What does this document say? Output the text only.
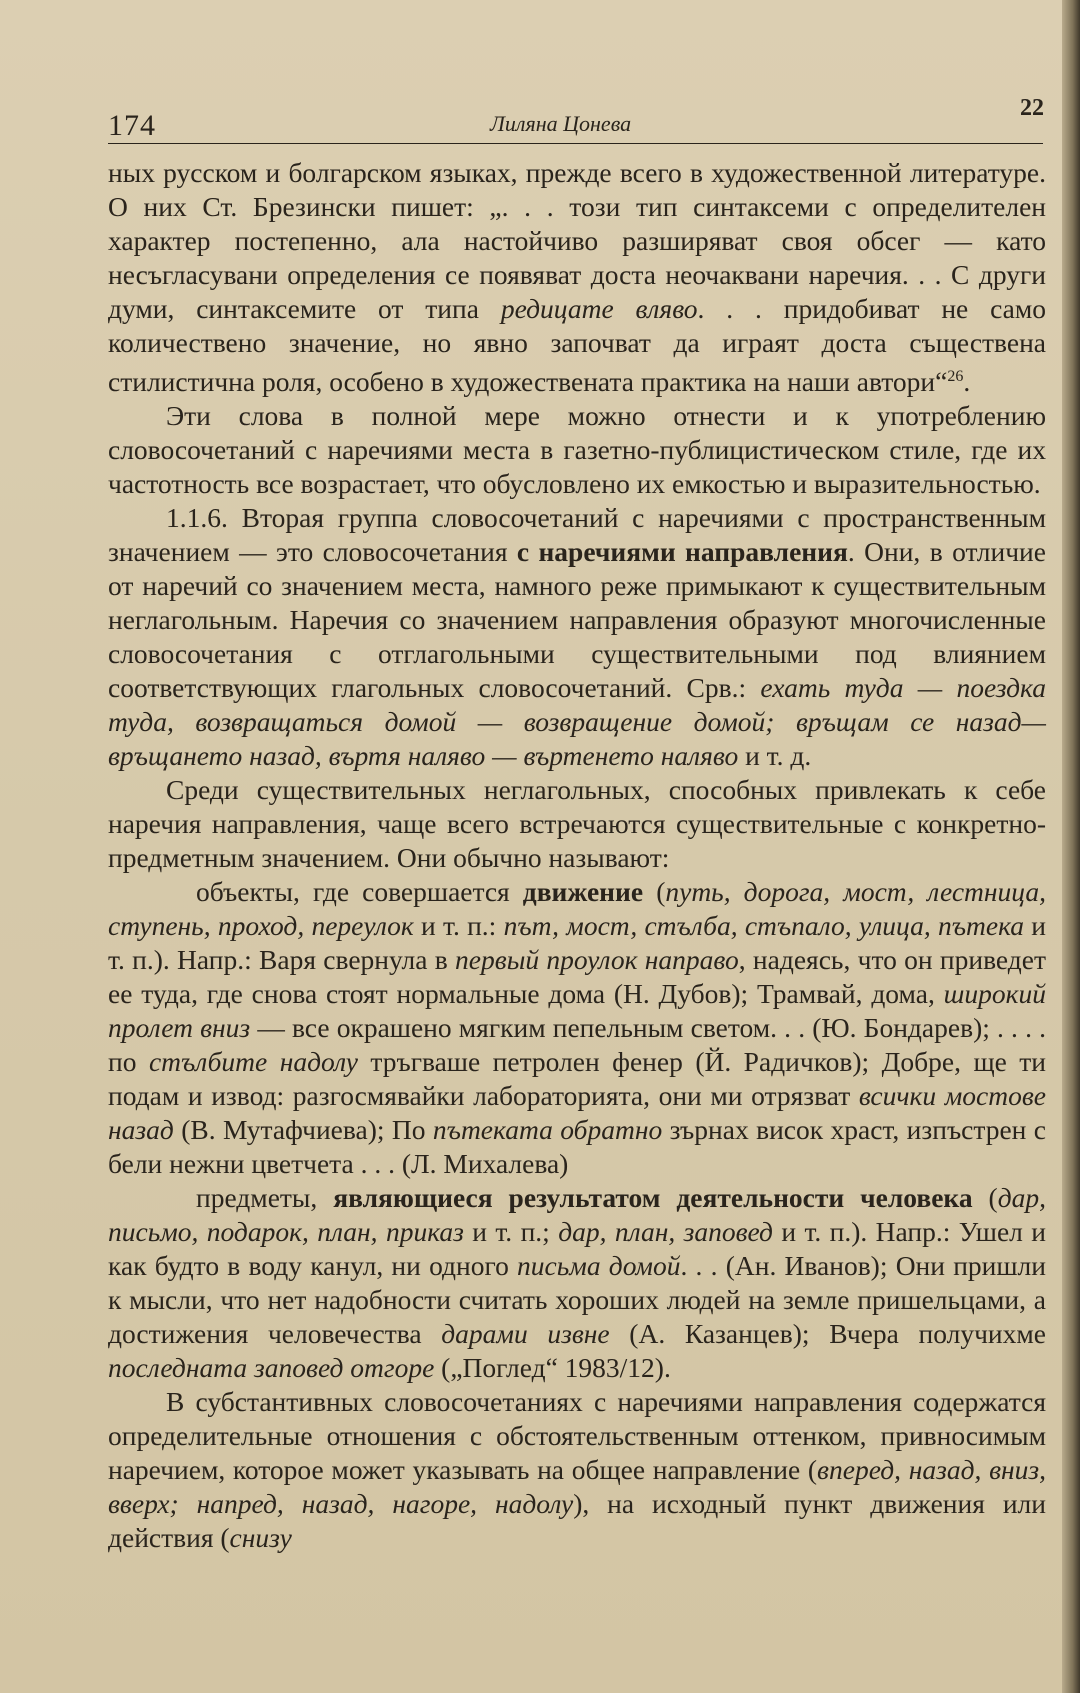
174	Лиляна Цонева
22

ных русском и болгарском языках, прежде всего в художественной литературе. О них Ст. Брезински пишет: „. . . този тип синтаксеми с определителен характер постепенно, ала настойчиво разширяват своя обсег — като несъгласувани определения се появяват доста неочаквани наречия. . . С други думи, синтаксемите от типа редицате вляво. . . придобиват не само количествено значение, но явно започват да играят доста съществена стилистична роля, особено в художествената практика на наши автори“$^{26}$.

Эти слова в полной мере можно отнести и к употреблению словосочетаний с наречиями места в газетно-публицистическом стиле, где их частотность все возрастает, что обусловлено их емкостью и выразительностью.

1.1.6. Вторая группа словосочетаний с наречиями с пространственным значением — это словосочетания с наречиями направления. Они, в отличие от наречий со значением места, намного реже примыкают к существительным неглагольным. Наречия со значением направления образуют многочисленные словосочетания с отглагольными существительными под влиянием соответствующих глагольных словосочетаний. Срв.: ехать туда — поездка туда, возвращаться домой — возвращение домой; връщам се назад—връщането назад, въртя наляво — въртенето наляво и т. д.

Среди существительных неглагольных, способных привлекать к себе наречия направления, чаще всего встречаются существительные с конкретно-предметным значением. Они обычно называют:

объекты, где совершается движение (путь, дорога, мост, лестница, ступень, проход, переулок и т. п.: път, мост, стълба, стъпало, улица, пътека и т. п.). Напр.: Варя свернула в первый проулок направо, надеясь, что он приведет ее туда, где снова стоят нормальные дома (Н. Дубов); Трамвай, дома, широкий пролет вниз — все окрашено мягким пепельным светом. . . (Ю. Бондарев); . . . . по стълбите надолу тръгваше петролен фенер (Й. Радичков); Добре, ще ти подам и извод: разгосмявайки лабораторията, они ми отрязват всички мостове назад (В. Мутафчиева); По пътеката обратно зърнах висок храст, изпъстрен с бели нежни цветчета . . . (Л. Михалева)

предметы, являющиеся результатом деятельности человека (дар, письмо, подарок, план, приказ и т. п.; дар, план, заповед и т. п.). Напр.: Ушел и как будто в воду канул, ни одного письма домой. . . (Ан. Иванов); Они пришли к мысли, что нет надобности считать хороших людей на земле пришельцами, а достижения человечества дарами извне (А. Казанцев); Вчера получихме последната заповед отгоре („Поглед“ 1983/12).

В субстантивных словосочетаниях с наречиями направления содержатся определительные отношения с обстоятельственным оттенком, привносимым наречием, которое может указывать на общее направление (вперед, назад, вниз, вверх; напред, назад, нагоре, надолу), на исходный пункт движения или действия (снизу
